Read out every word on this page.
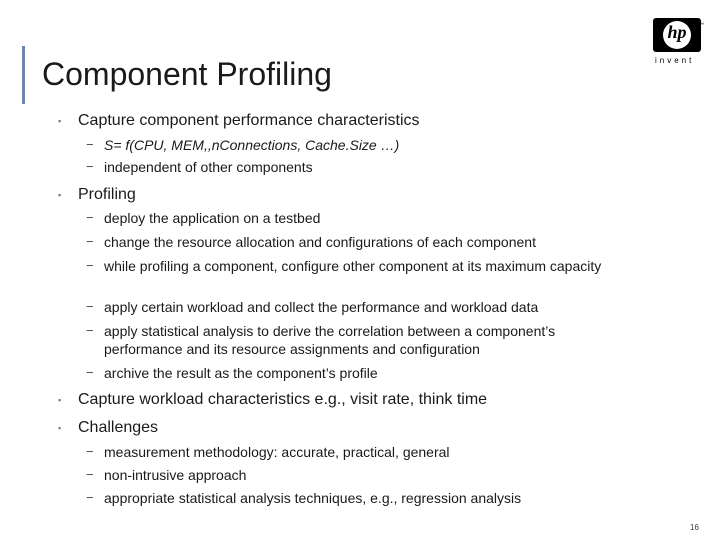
Component Profiling
hp	™
invent
▪ Capture component performance characteristics
− S= f(CPU, MEM,,nConnections, Cache.Size …)
− independent of other components
▪ Profiling
− deploy the application on a testbed
− change the resource allocation and configurations of each component
− while profiling a component, configure other component at its maximum capacity
− apply certain workload and collect the performance and workload data
− apply statistical analysis to derive the correlation between a component’s performance and its resource assignments and configuration
− archive the result as the component’s profile
▪ Capture workload characteristics e.g., visit rate, think time
▪ Challenges
− measurement methodology: accurate, practical, general
− non-intrusive approach
− appropriate statistical analysis techniques, e.g., regression analysis
16
